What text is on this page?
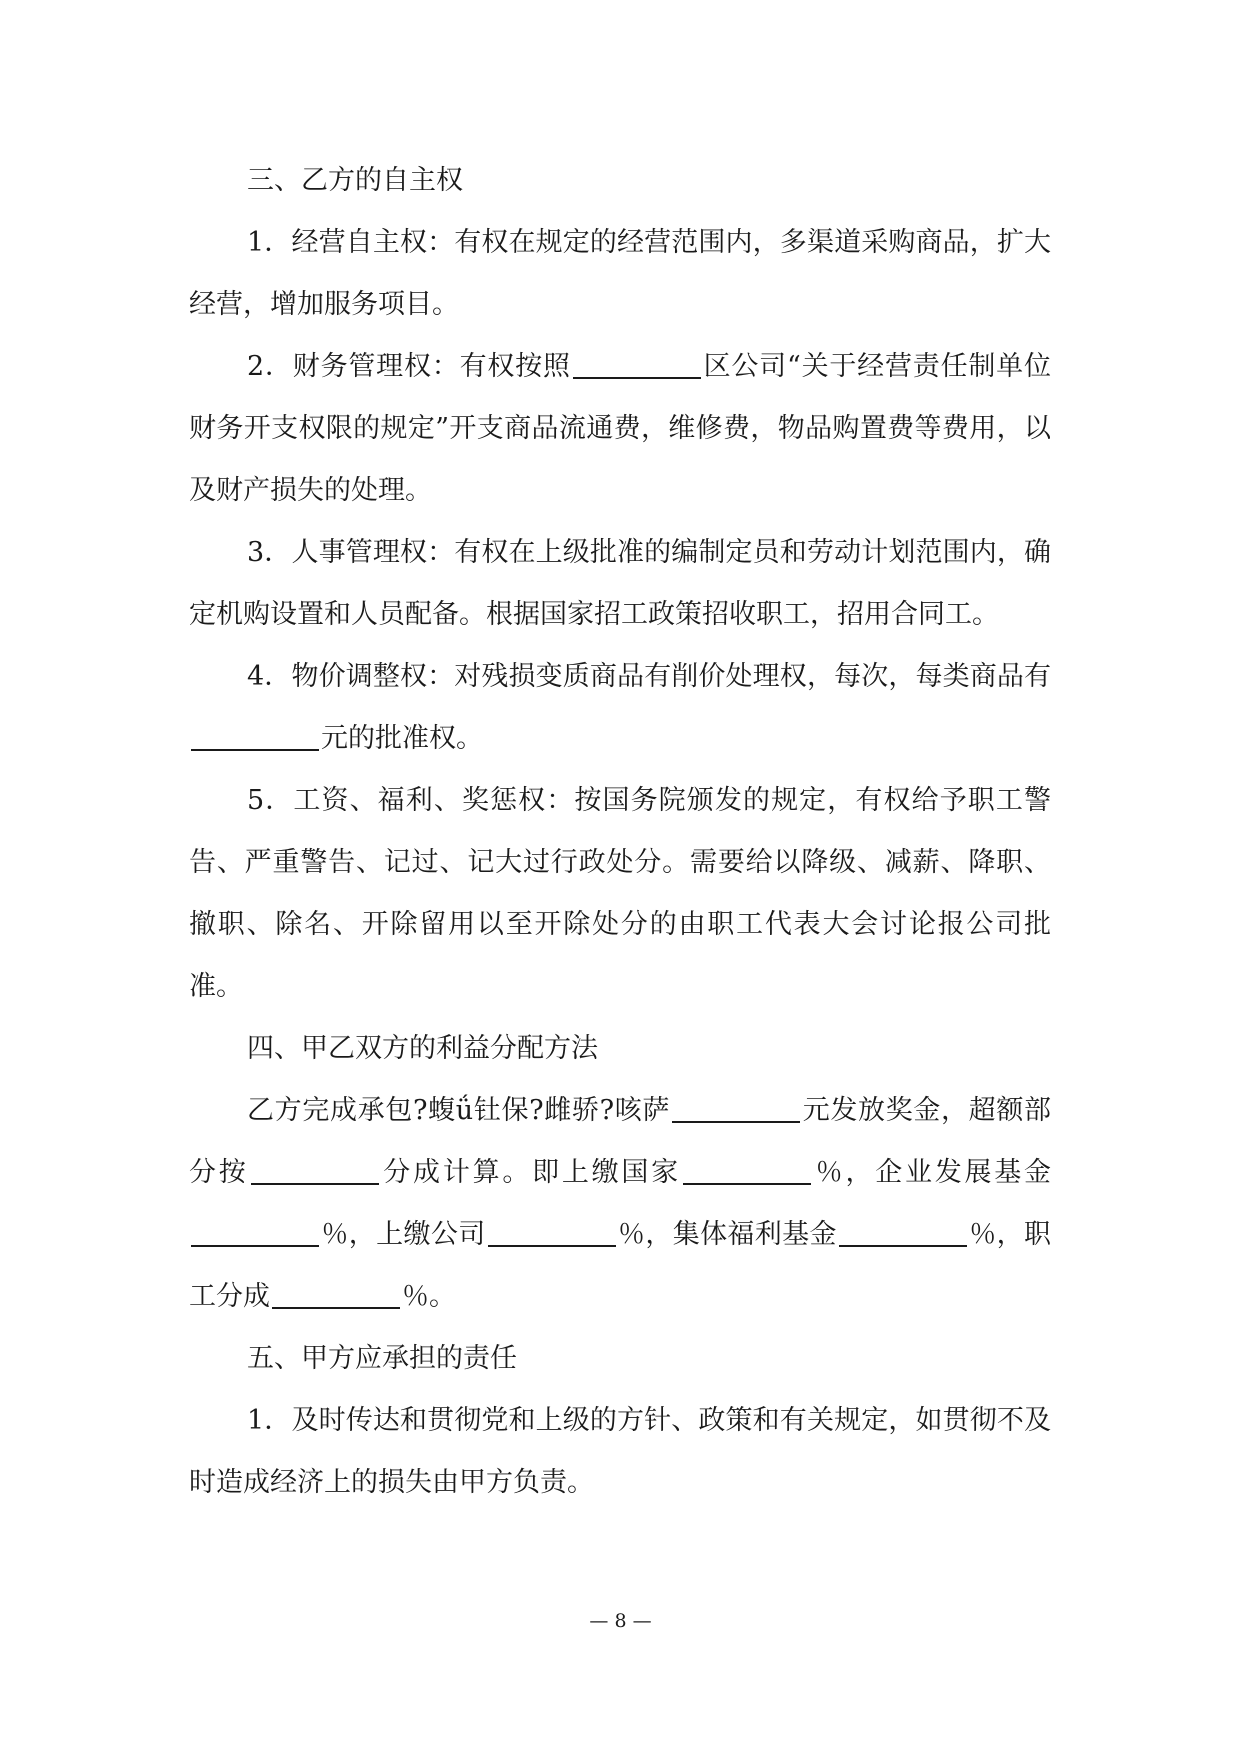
三、乙方的自主权

1．经营自主权：有权在规定的经营范围内，多渠道采购商品，扩大经营，增加服务项目。

2．财务管理权：有权按照	区公司“关于经营责任制单位财务开支权限的规定”开支商品流通费，维修费，物品购置费等费用，以及财产损失的处理。

3．人事管理权：有权在上级批准的编制定员和劳动计划范围内，确定机购设置和人员配备。根据国家招工政策招收职工，招用合同工。

4．物价调整权：对残损变质商品有削价处理权，每次，每类商品有元的批准权。

5．工资、福利、奖惩权：按国务院颁发的规定，有权给予职工警告、严重警告、记过、记大过行政处分。需要给以降级、减薪、降职、撤职、除名、开除留用以至开除处分的由职工代表大会讨论报公司批准。

四、甲乙双方的利益分配方法

乙方完成承包?蝮ǘ钍保?雌骄?咳萨	元发放奖金，超额部分按	分成计算。即上缴国家	％，企业发展基金％，上缴公司	％，集体福利基金	％，职工分成	％。

五、甲方应承担的责任

1．及时传达和贯彻党和上级的方针、政策和有关规定，如贯彻不及时造成经济上的损失由甲方负责。

— 8 —
